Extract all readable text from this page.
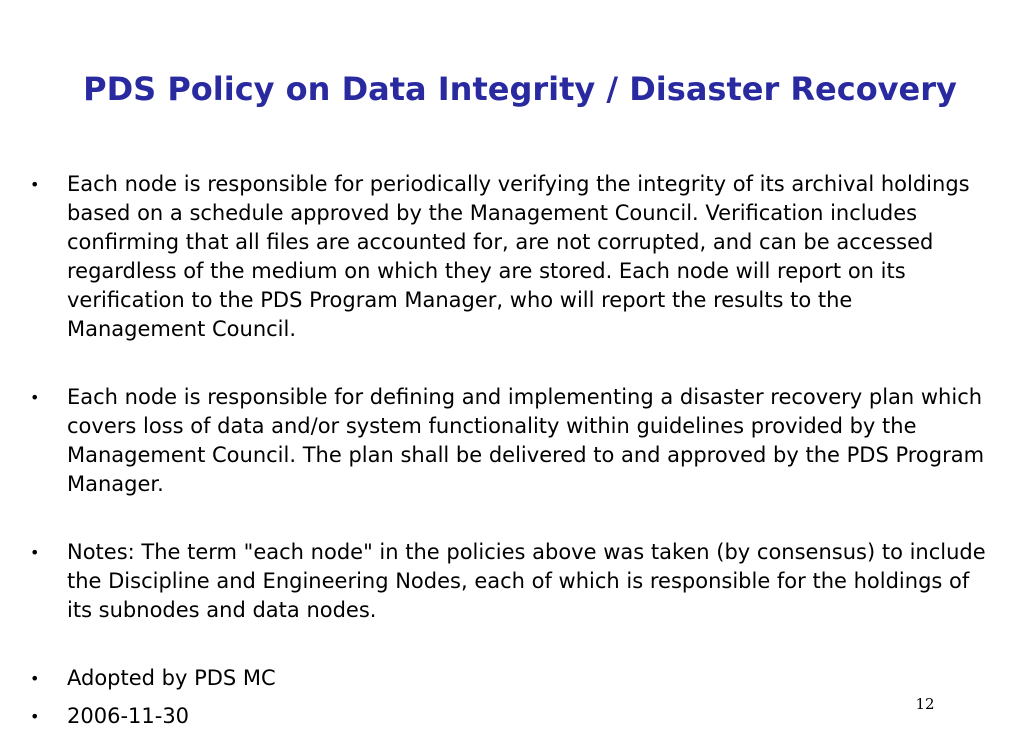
PDS Policy on Data Integrity / Disaster Recovery
• Each node is responsible for periodically verifying the integrity of its archival holdings based on a schedule approved by the Management Council. Verification includes confirming that all files are accounted for, are not corrupted, and can be accessed regardless of the medium on which they are stored. Each node will report on its verification to the PDS Program Manager, who will report the results to the Management Council.
• Each node is responsible for defining and implementing a disaster recovery plan which covers loss of data and/or system functionality within guidelines provided by the Management Council. The plan shall be delivered to and approved by the PDS Program Manager.
• Notes: The term "each node" in the policies above was taken (by consensus) to include the Discipline and Engineering Nodes, each of which is responsible for the holdings of its subnodes and data nodes.
• Adopted by PDS MC
• 2006-11-30	12
